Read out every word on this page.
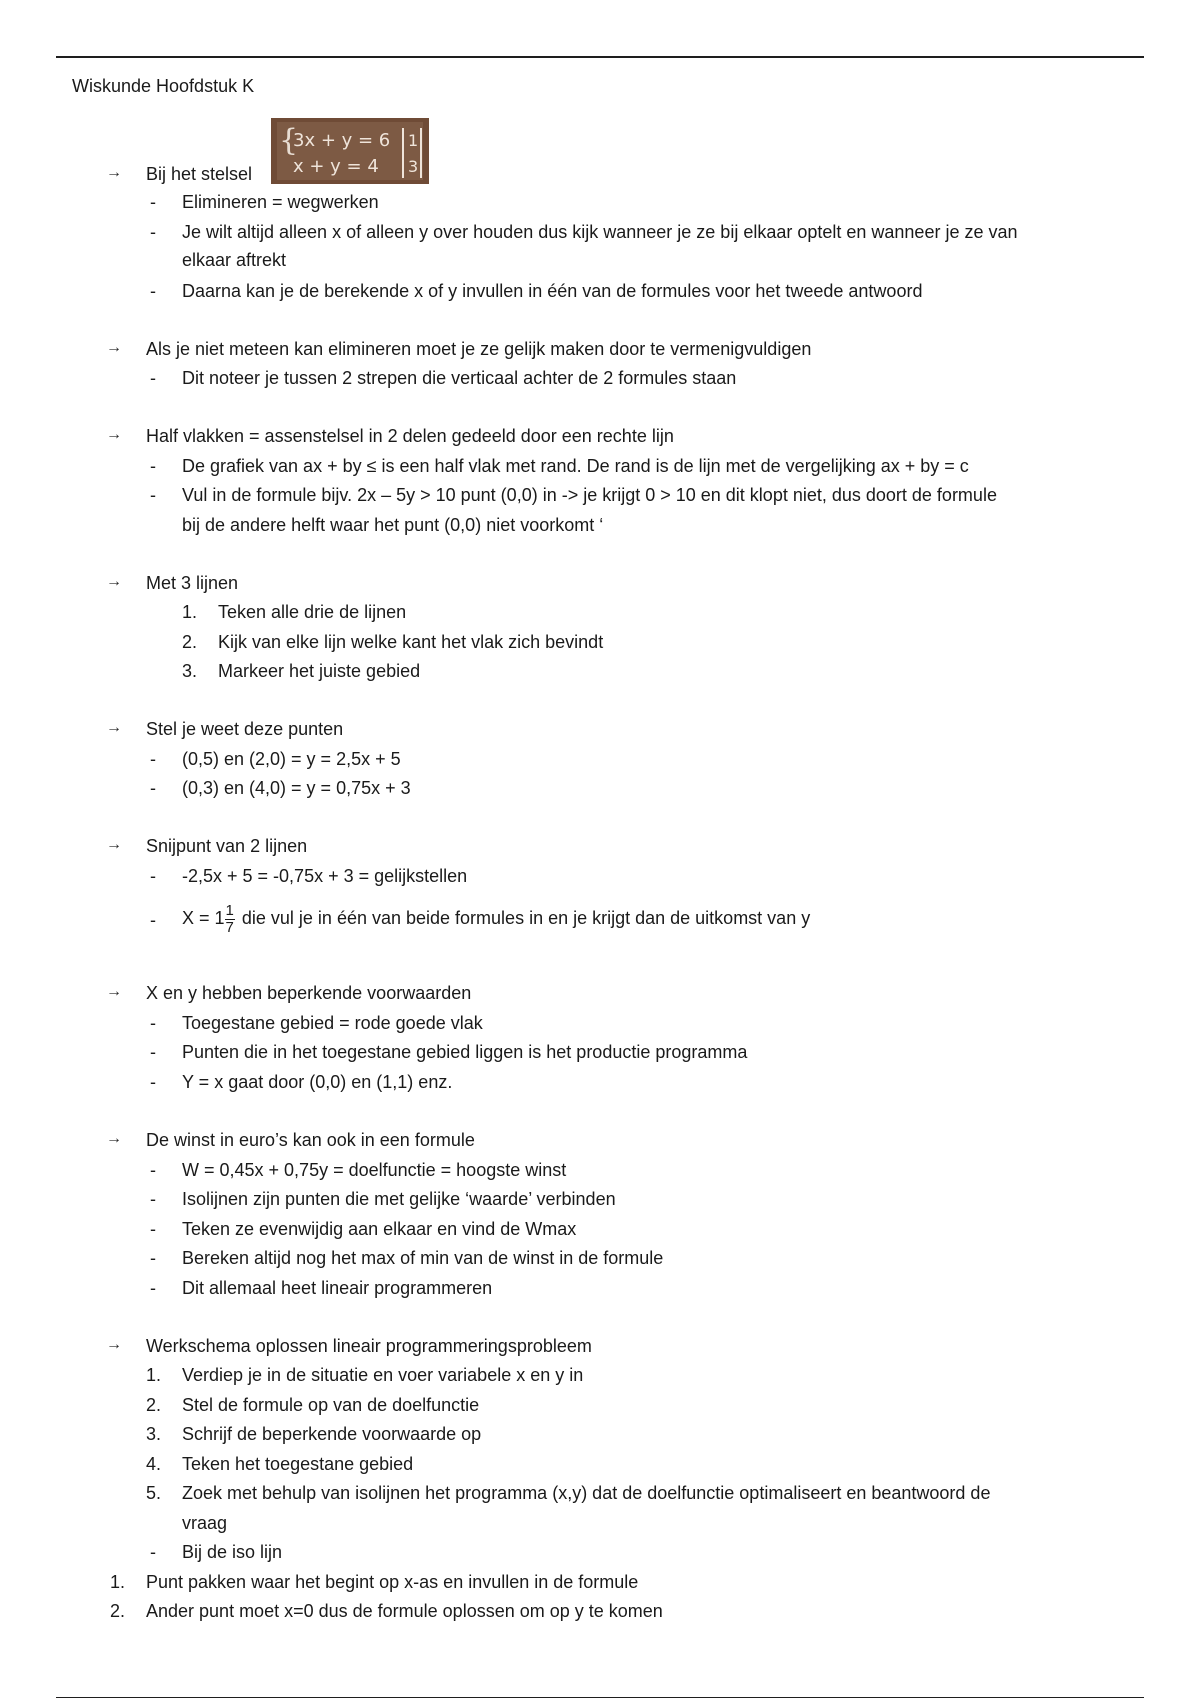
Wiskunde Hoofdstuk K
→ Bij het stelsel
{
3x + y = 6
x + y = 4
1
3
- Elimineren = wegwerken
- Je wilt altijd alleen x of alleen y over houden dus kijk wanneer je ze bij elkaar optelt en wanneer je ze van
elkaar aftrekt
- Daarna kan je de berekende x of y invullen in één van de formules voor het tweede antwoord
→ Als je niet meteen kan elimineren moet je ze gelijk maken door te vermenigvuldigen
- Dit noteer je tussen 2 strepen die verticaal achter de 2 formules staan
→ Half vlakken = assenstelsel in 2 delen gedeeld door een rechte lijn
- De grafiek van ax + by ≤ is een half vlak met rand. De rand is de lijn met de vergelijking ax + by = c
- Vul in de formule bijv. 2x – 5y > 10 punt (0,0) in -> je krijgt 0 > 10 en dit klopt niet, dus doort de formule
bij de andere helft waar het punt (0,0) niet voorkomt ‘
→ Met 3 lijnen
1. Teken alle drie de lijnen
2. Kijk van elke lijn welke kant het vlak zich bevindt
3. Markeer het juiste gebied
→ Stel je weet deze punten
- (0,5) en (2,0) = y = 2,5x + 5
- (0,3) en (4,0) = y = 0,75x + 3
→ Snijpunt van 2 lijnen
- -2,5x + 5 = -0,75x + 3 = gelijkstellen
- $X = 1 \frac{1}{7}$ die vul je in één van beide formules in en je krijgt dan de uitkomst van y
→ X en y hebben beperkende voorwaarden
- Toegestane gebied = rode goede vlak
- Punten die in het toegestane gebied liggen is het productie programma
- Y = x gaat door (0,0) en (1,1) enz.
→ De winst in euro’s kan ook in een formule
- W = 0,45x + 0,75y = doelfunctie = hoogste winst
- Isolijnen zijn punten die met gelijke ‘waarde’ verbinden
- Teken ze evenwijdig aan elkaar en vind de Wmax
- Bereken altijd nog het max of min van de winst in de formule
- Dit allemaal heet lineair programmeren
→ Werkschema oplossen lineair programmeringsprobleem
1. Verdiep je in de situatie en voer variabele x en y in
2. Stel de formule op van de doelfunctie
3. Schrijf de beperkende voorwaarde op
4. Teken het toegestane gebied
5. Zoek met behulp van isolijnen het programma (x,y) dat de doelfunctie optimaliseert en beantwoord de
vraag
- Bij de iso lijn
1. Punt pakken waar het begint op x-as en invullen in de formule
2. Ander punt moet x=0 dus de formule oplossen om op y te komen
